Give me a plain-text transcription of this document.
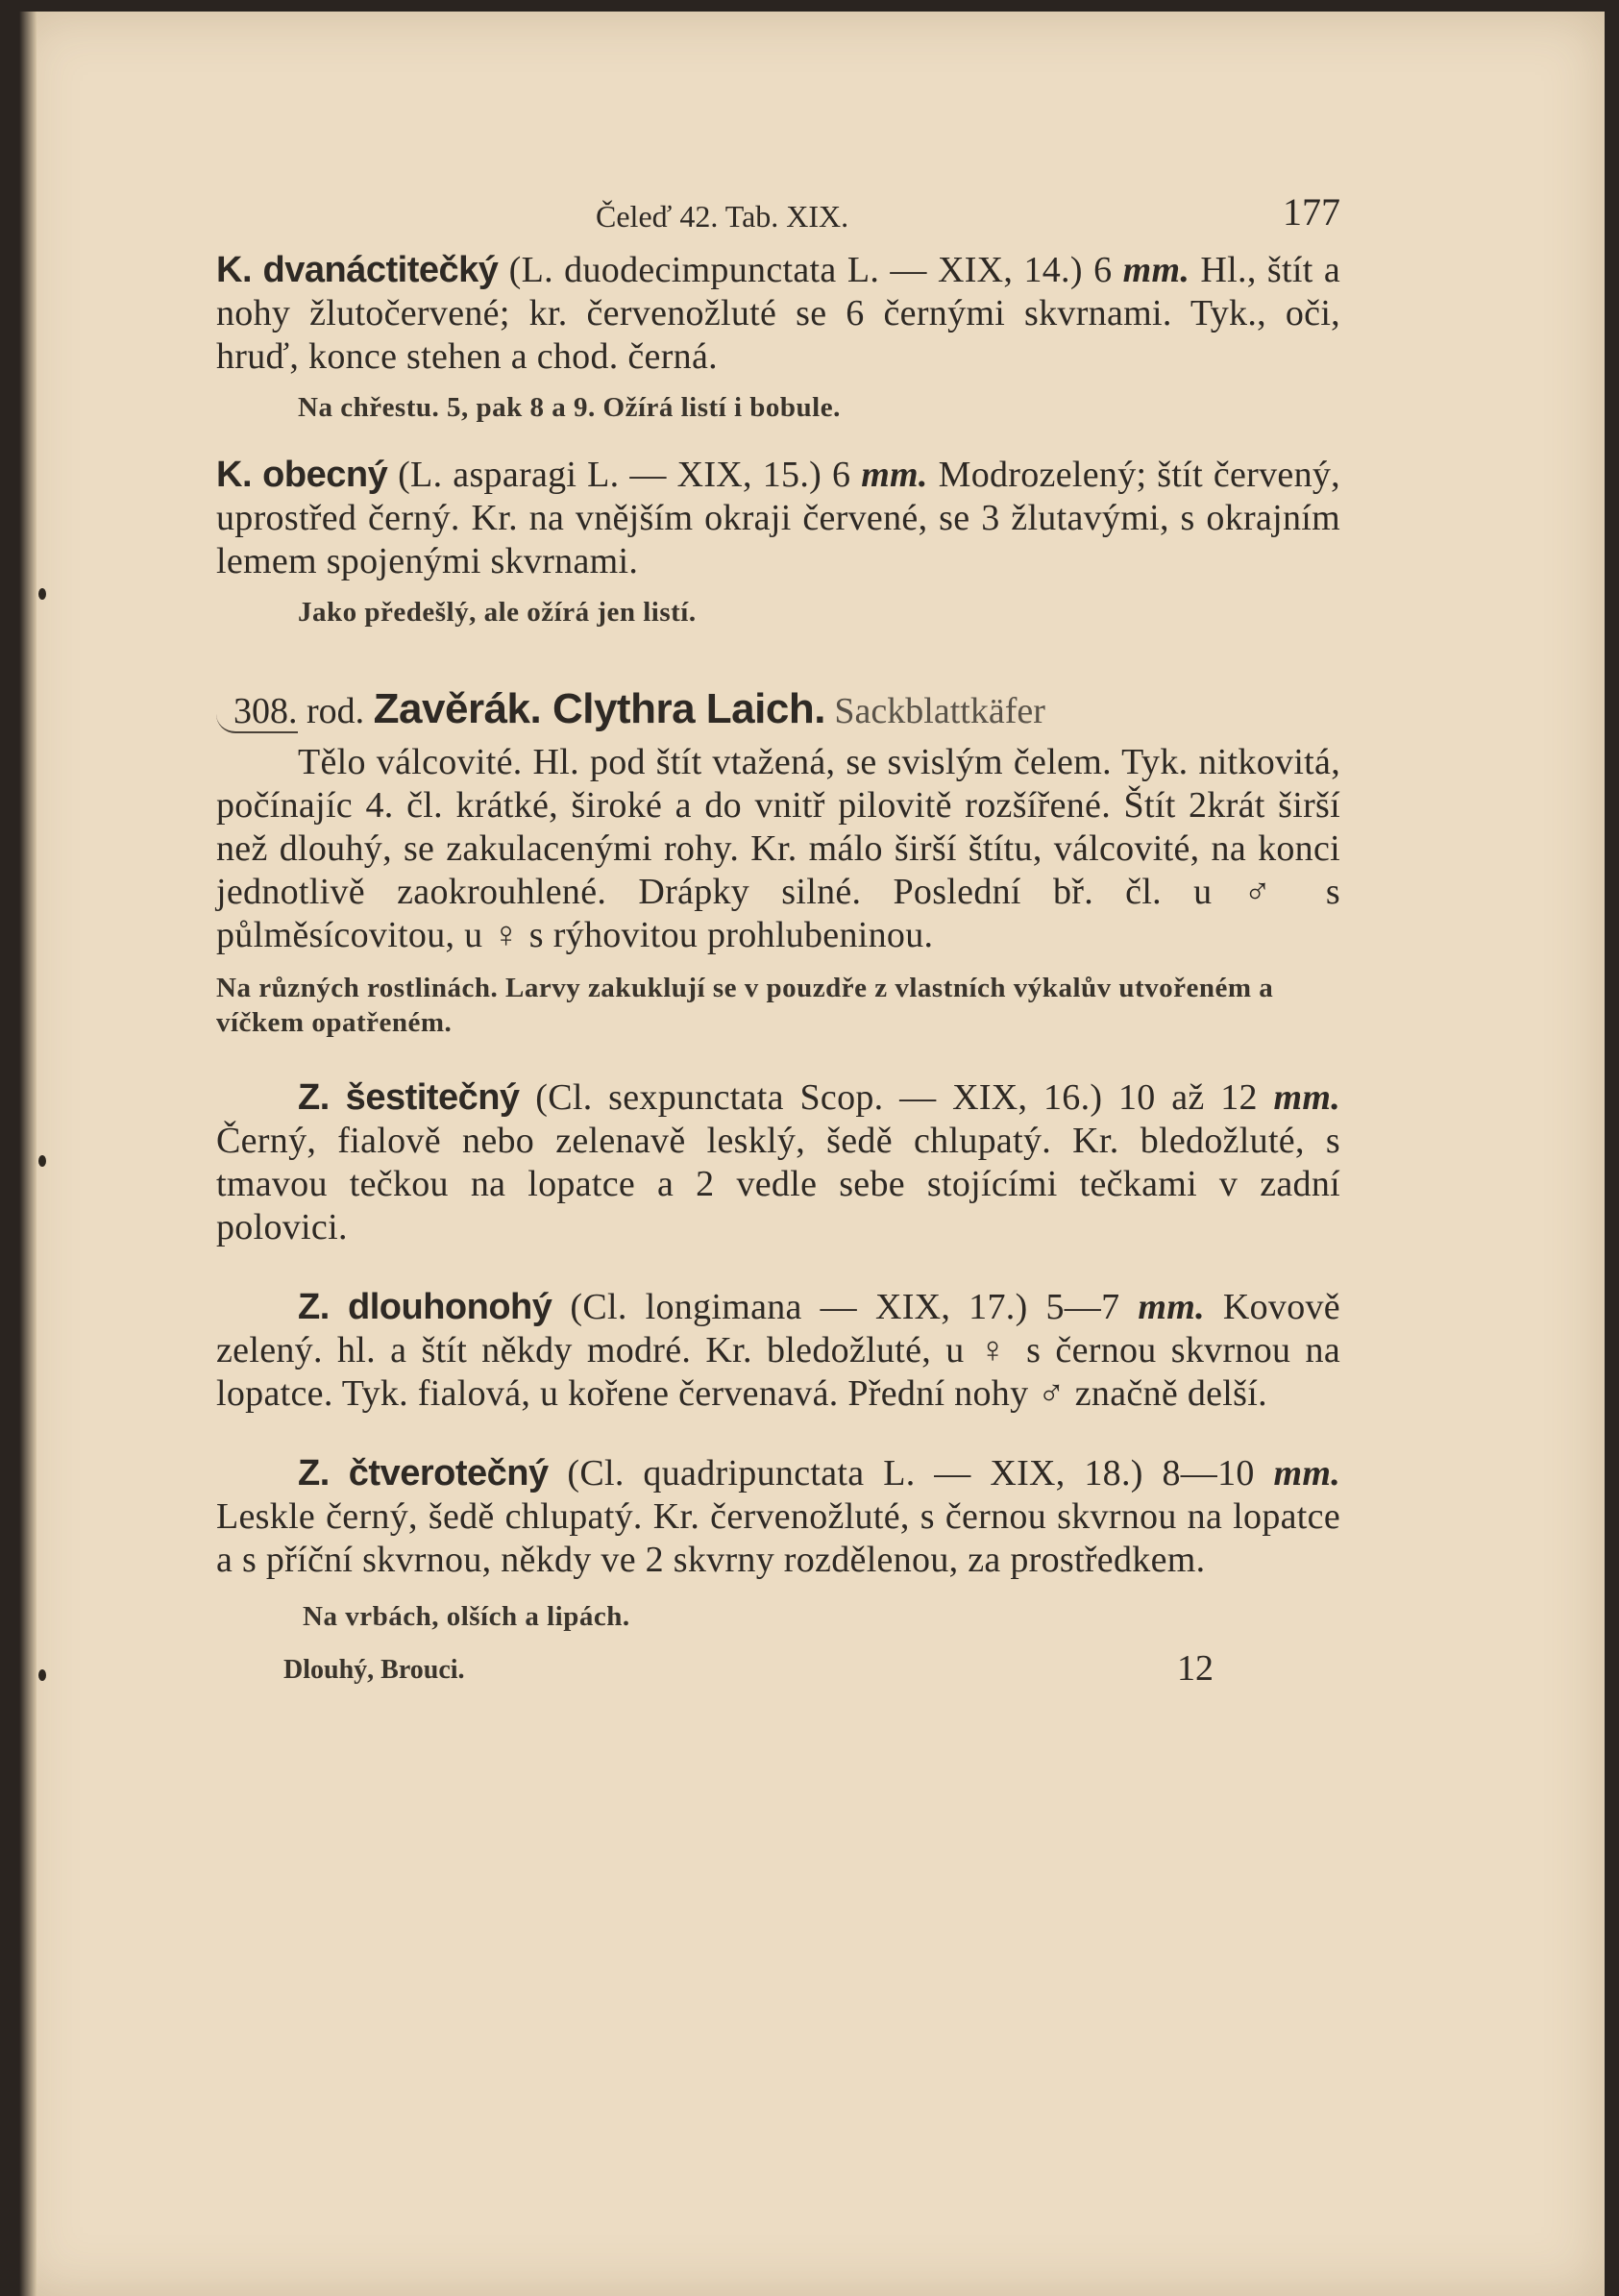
Čeleď 42. Tab. XIX.	177
K. dvanáctitečký (L. duodecimpunctata L. — XIX, 14.) 6 mm. Hl., štít a nohy žlutočervené; kr. červenožluté se 6 černými skvrnami. Tyk., oči, hruď, konce stehen a chod. černá.
Na chřestu. 5, pak 8 a 9. Ožírá listí i bobule.
K. obecný (L. asparagi L. — XIX, 15.) 6 mm. Modrozelený; štít červený, uprostřed černý. Kr. na vnějším okraji červené, se 3 žlutavými, s okrajním lemem spojenými skvrnami.
Jako předešlý, ale ožírá jen listí.
308. rod. Zavěrák. Clythra Laich. Sackblattkäfer
Tělo válcovité. Hl. pod štít vtažená, se svislým čelem. Tyk. nitkovitá, počínajíc 4. čl. krátké, široké a do vnitř pilovitě rozšířené. Štít 2krát širší než dlouhý, se zakulacenými rohy. Kr. málo širší štítu, válcovité, na konci jednotlivě zaokrouhlené. Drápky silné. Poslední bř. čl. u ♂ s půlměsícovitou, u ♀ s rýhovitou prohlubeninou.
Na různých rostlinách. Larvy zakuklují se v pouzdře z vlastních výkalův utvořeném a víčkem opatřeném.
Z. šestitečný (Cl. sexpunctata Scop. — XIX, 16.) 10 až 12 mm. Černý, fialově nebo zelenavě lesklý, šedě chlupatý. Kr. bledožluté, s tmavou tečkou na lopatce a 2 vedle sebe stojícími tečkami v zadní polovici.
Z. dlouhonohý (Cl. longimana — XIX, 17.) 5—7 mm. Kovově zelený. hl. a štít někdy modré. Kr. bledožluté, u ♀ s černou skvrnou na lopatce. Tyk. fialová, u kořene červenavá. Přední nohy ♂ značně delší.
Z. čtverotečný (Cl. quadripunctata L. — XIX, 18.) 8—10 mm. Leskle černý, šedě chlupatý. Kr. červenožluté, s černou skvrnou na lopatce a s příční skvrnou, někdy ve 2 skvrny rozdělenou, za prostředkem.
Na vrbách, olších a lipách.
Dlouhý, Brouci.	12
